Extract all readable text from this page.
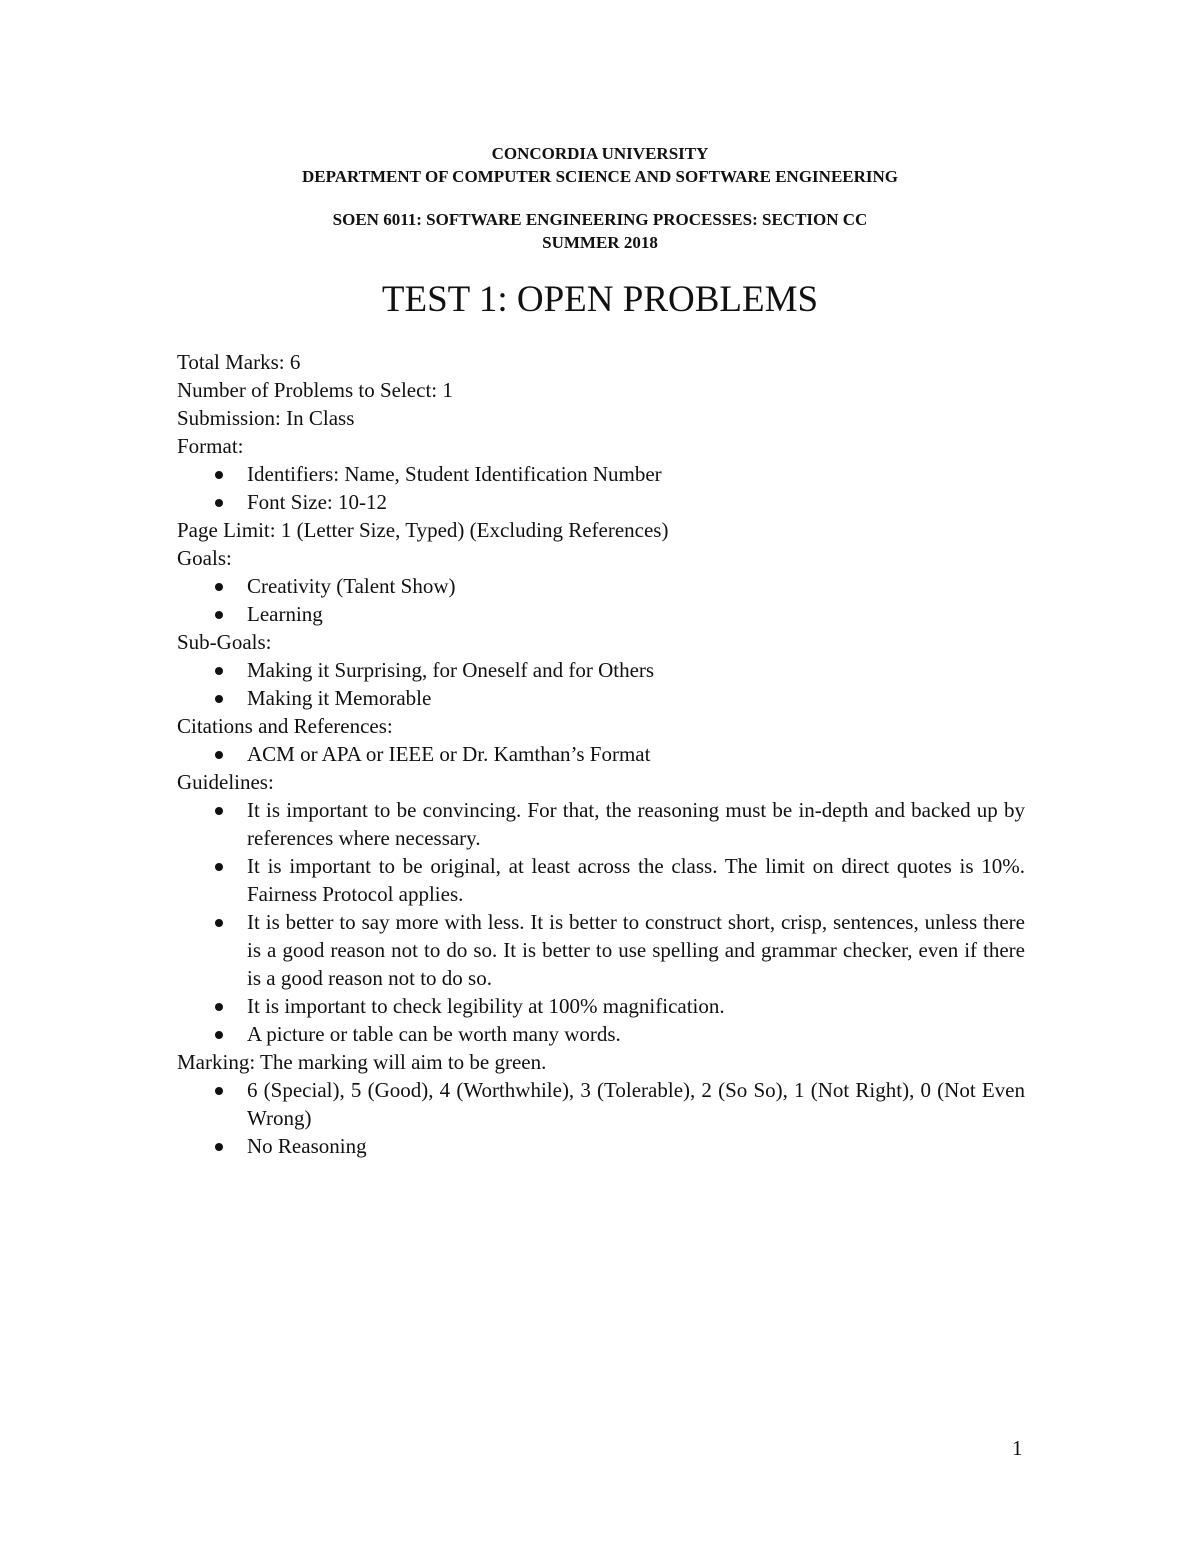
CONCORDIA UNIVERSITY
DEPARTMENT OF COMPUTER SCIENCE AND SOFTWARE ENGINEERING
SOEN 6011: SOFTWARE ENGINEERING PROCESSES: SECTION CC
SUMMER 2018
TEST 1: OPEN PROBLEMS
Total Marks: 6
Number of Problems to Select: 1
Submission: In Class
Format:
Identifiers: Name, Student Identification Number
Font Size: 10-12
Page Limit: 1 (Letter Size, Typed) (Excluding References)
Goals:
Creativity (Talent Show)
Learning
Sub-Goals:
Making it Surprising, for Oneself and for Others
Making it Memorable
Citations and References:
ACM or APA or IEEE or Dr. Kamthan’s Format
Guidelines:
It is important to be convincing. For that, the reasoning must be in-depth and backed up by references where necessary.
It is important to be original, at least across the class. The limit on direct quotes is 10%. Fairness Protocol applies.
It is better to say more with less. It is better to construct short, crisp, sentences, unless there is a good reason not to do so. It is better to use spelling and grammar checker, even if there is a good reason not to do so.
It is important to check legibility at 100% magnification.
A picture or table can be worth many words.
Marking: The marking will aim to be green.
6 (Special), 5 (Good), 4 (Worthwhile), 3 (Tolerable), 2 (So So), 1 (Not Right), 0 (Not Even Wrong)
No Reasoning
1
